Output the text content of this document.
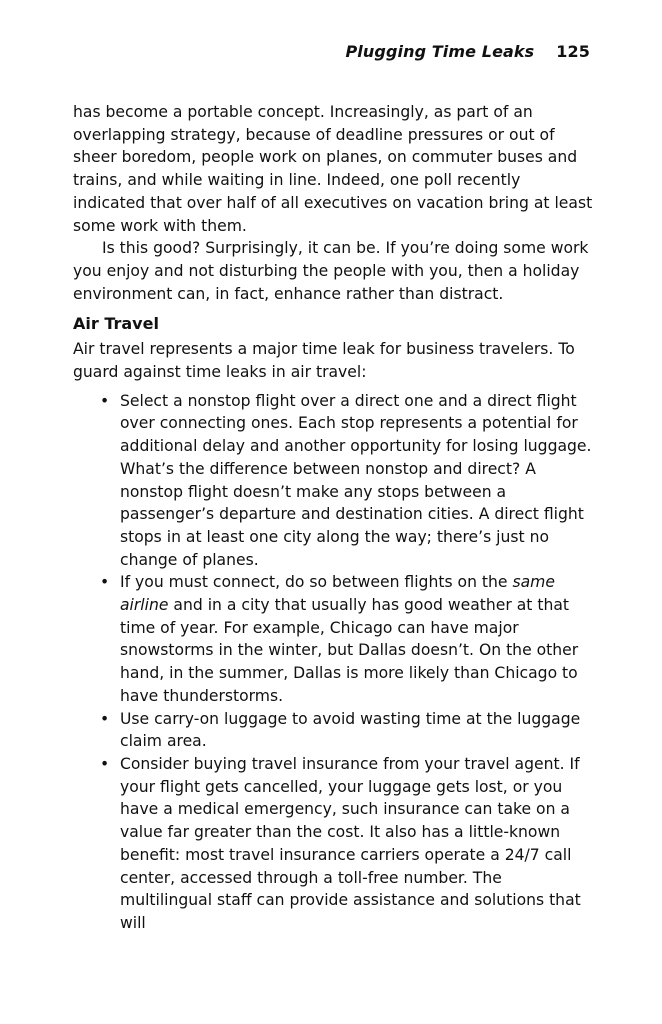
Plugging Time Leaks 125

has become a portable concept. Increasingly, as part of an overlapping strategy, because of deadline pressures or out of sheer boredom, people work on planes, on commuter buses and trains, and while waiting in line. Indeed, one poll recently indicated that over half of all executives on vacation bring at least some work with them.

Is this good? Surprisingly, it can be. If you’re doing some work you enjoy and not disturbing the people with you, then a holiday environment can, in fact, enhance rather than distract.

Air Travel

Air travel represents a major time leak for business travelers. To guard against time leaks in air travel:

• Select a nonstop flight over a direct one and a direct flight over connecting ones. Each stop represents a potential for additional delay and another opportunity for losing luggage. What’s the difference between nonstop and direct? A nonstop flight doesn’t make any stops between a passenger’s departure and destination cities. A direct flight stops in at least one city along the way; there’s just no change of planes.
• If you must connect, do so between flights on the same airline and in a city that usually has good weather at that time of year. For example, Chicago can have major snowstorms in the winter, but Dallas doesn’t. On the other hand, in the summer, Dallas is more likely than Chicago to have thunderstorms.
• Use carry-on luggage to avoid wasting time at the luggage claim area.
• Consider buying travel insurance from your travel agent. If your flight gets cancelled, your luggage gets lost, or you have a medical emergency, such insurance can take on a value far greater than the cost. It also has a little-known benefit: most travel insurance carriers operate a 24/7 call center, accessed through a toll-free number. The multilingual staff can provide assistance and solutions that will
